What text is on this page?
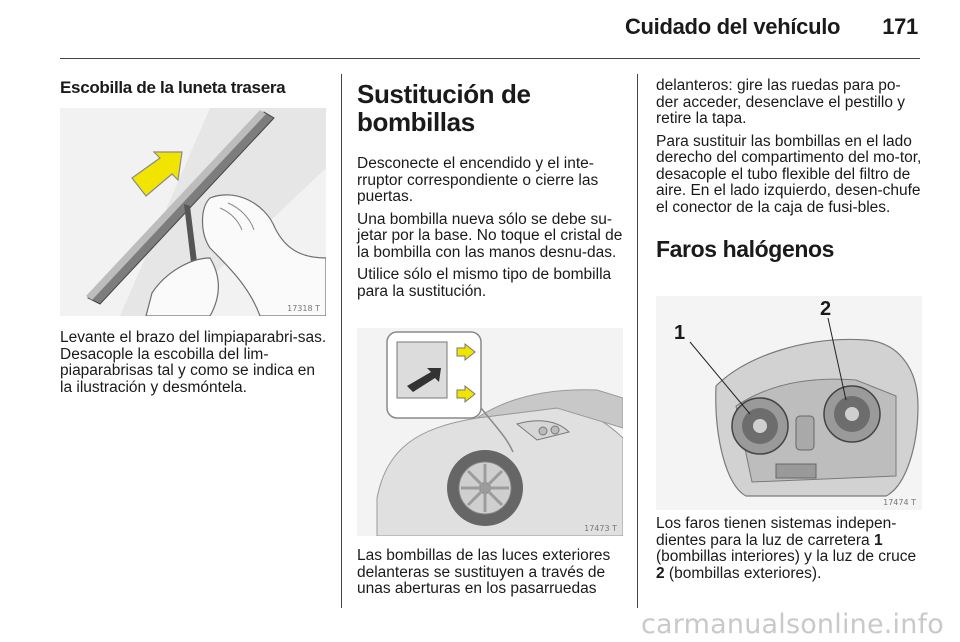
Cuidado del vehículo 171
Escobilla de la luneta trasera
17318 T

Levante el brazo del limpiaparabri-sas. Desacople la escobilla del lim-piaparabrisas tal y como se indica en la ilustración y desmóntela.

Sustitución de bombillas

Desconecte el encendido y el inte-rruptor correspondiente o cierre las puertas.

Una bombilla nueva sólo se debe su-jetar por la base. No toque el cristal de la bombilla con las manos desnu-das.

Utilice sólo el mismo tipo de bombilla para la sustitución.

17473 T

Las bombillas de las luces exteriores delanteras se sustituyen a través de unas aberturas en los pasarruedas

delanteros: gire las ruedas para po-der acceder, desenclave el pestillo y retire la tapa.

Para sustituir las bombillas en el lado derecho del compartimento del mo-tor, desacople el tubo flexible del filtro de aire. En el lado izquierdo, desen-chufe el conector de la caja de fusi-bles.

Faros halógenos
1
2
17474 T

Los faros tienen sistemas indepen-dientes para la luz de carretera 1 (bombillas interiores) y la luz de cruce 2 (bombillas exteriores).

carmanualsonline.info
